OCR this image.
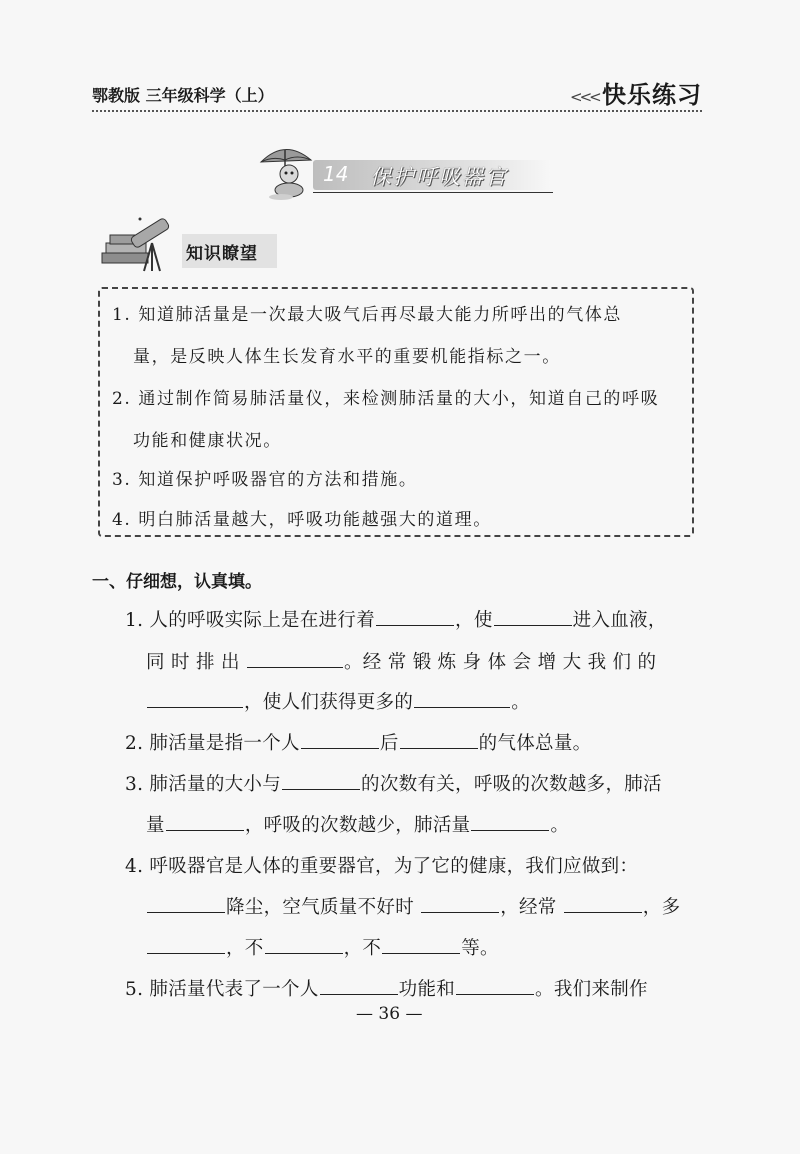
鄂教版 三年级科学（上）	<<< 快乐练习
14 保护呼吸器官
知识瞭望
1. 知道肺活量是一次最大吸气后再尽最大能力所呼出的气体总
量，是反映人体生长发育水平的重要机能指标之一。
2. 通过制作简易肺活量仪，来检测肺活量的大小，知道自己的呼吸
功能和健康状况。
3. 知道保护呼吸器官的方法和措施。
4. 明白肺活量越大，呼吸功能越强大的道理。
一、仔细想，认真填。
1. 人的呼吸实际上是在进行着	，使	进入血液，
同 时 排 出	。经 常 锻 炼 身 体 会 增 大 我 们 的
，使人们获得更多的	。
2. 肺活量是指一个人	后	的气体总量。
3. 肺活量的大小与	的次数有关，呼吸的次数越多，肺活
量	，呼吸的次数越少，肺活量	。
4. 呼吸器官是人体的重要器官，为了它的健康，我们应做到：
降尘，空气质量不好时	，经常	，多
，不	，不	等。
5. 肺活量代表了一个人	功能和	。我们来制作
— 36 —
